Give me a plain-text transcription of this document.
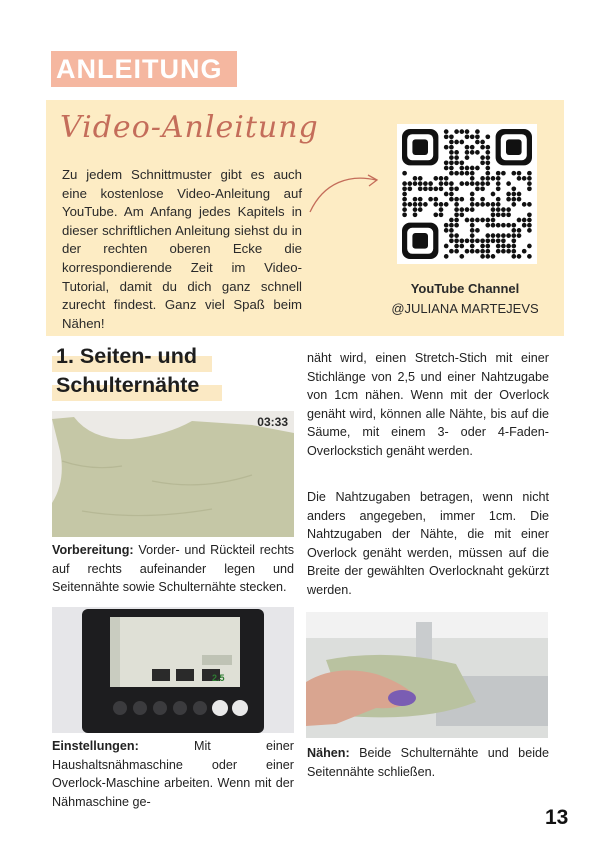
ANLEITUNG
Video-Anleitung
Zu jedem Schnittmuster gibt es auch eine kostenlose Video-Anleitung auf YouTube. Am Anfang jedes Kapitels in dieser schriftlichen Anleitung siehst du in der rechten oberen Ecke die korrespondierende Zeit im Video-Tutorial, damit du dich ganz schnell zurecht findest. Ganz viel Spaß beim Nähen!
YouTube Channel
@JULIANA MARTEJEVS
1. Seiten- und
Schulternähte
03:33
Vorbereitung: Vorder- und Rückteil rechts auf rechts aufeinander legen und Seitennähte sowie Schulternähte stecken.
2.5
Einstellungen:	Mit einer Haushaltsnähmaschine oder einer Overlock-Maschine arbeiten. Wenn mit der Nähmaschine ge-
näht wird, einen Stretch-Stich mit einer Stichlänge von 2,5 und einer Nahtzugabe von 1cm nähen. Wenn mit der Overlock genäht wird, können alle Nähte, bis auf die Säume, mit einem 3- oder 4-Faden-Overlockstich genäht werden.
Die Nahtzugaben betragen, wenn nicht anders angegeben, immer 1cm. Die Nahtzugaben der Nähte, die mit einer Overlock genäht werden, müssen auf die Breite der gewählten Overlocknaht gekürzt werden.
Nähen: Beide Schulternähte und beide Seitennähte schließen.
13
